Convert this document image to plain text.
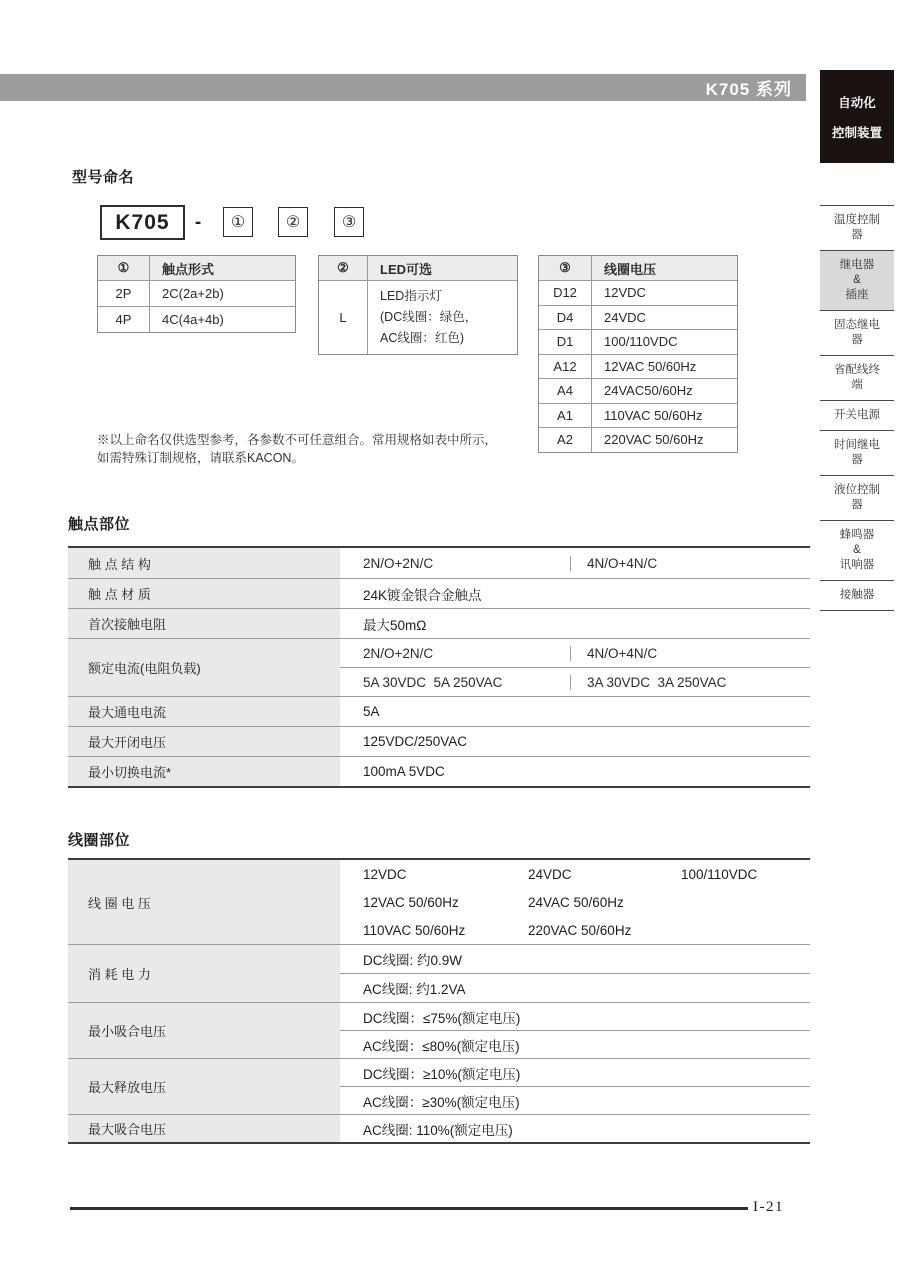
K705 系列
自动化
控制装置
温度控制
器
继电器
&
插座
固态继电
器
省配线终
端
开关电源
时间继电
器
液位控制
器
蜂鸣器
&
讯响器
接触器
型号命名
K705	-	①	②	③
①	触点形式
2P	2C(2a+2b)
4P	4C(4a+4b)
②	LED可选
L
LED指示灯
(DC线圈：绿色，
AC线圈：红色)
③	线圈电压
D12	12VDC
D4	24VDC
D1	100/110VDC
A12	12VAC 50/60Hz
A4	24VAC50/60Hz
A1	110VAC 50/60Hz
A2	220VAC 50/60Hz
※以上命名仅供选型参考，各参数不可任意组合。常用规格如表中所示，
如需特殊订制规格，请联系KACON。
触点部位
触 点 结 构	2N/O+2N/C	4N/O+4N/C
触 点 材 质	24K镀金银合金触点
首次接触电阻	最大50mΩ
额定电流(电阻负载)
2N/O+2N/C	4N/O+4N/C
5A 30VDC  5A 250VAC	3A 30VDC  3A 250VAC
最大通电电流	5A
最大开闭电压	125VDC/250VAC
最小切换电流*	100mA 5VDC
线圈部位
线 圈 电 压
12VDC	24VDC	100/110VDC
12VAC 50/60Hz	24VAC 50/60Hz
110VAC 50/60Hz	220VAC 50/60Hz
消 耗 电 力
DC线圈: 约0.9W
AC线圈: 约1.2VA
最小吸合电压
DC线圈：≤75%(额定电压)
AC线圈：≤80%(额定电压)
最大释放电压
DC线圈：≥10%(额定电压)
AC线圈：≥30%(额定电压)
最大吸合电压	AC线圈: 110%(额定电压)
I-21
